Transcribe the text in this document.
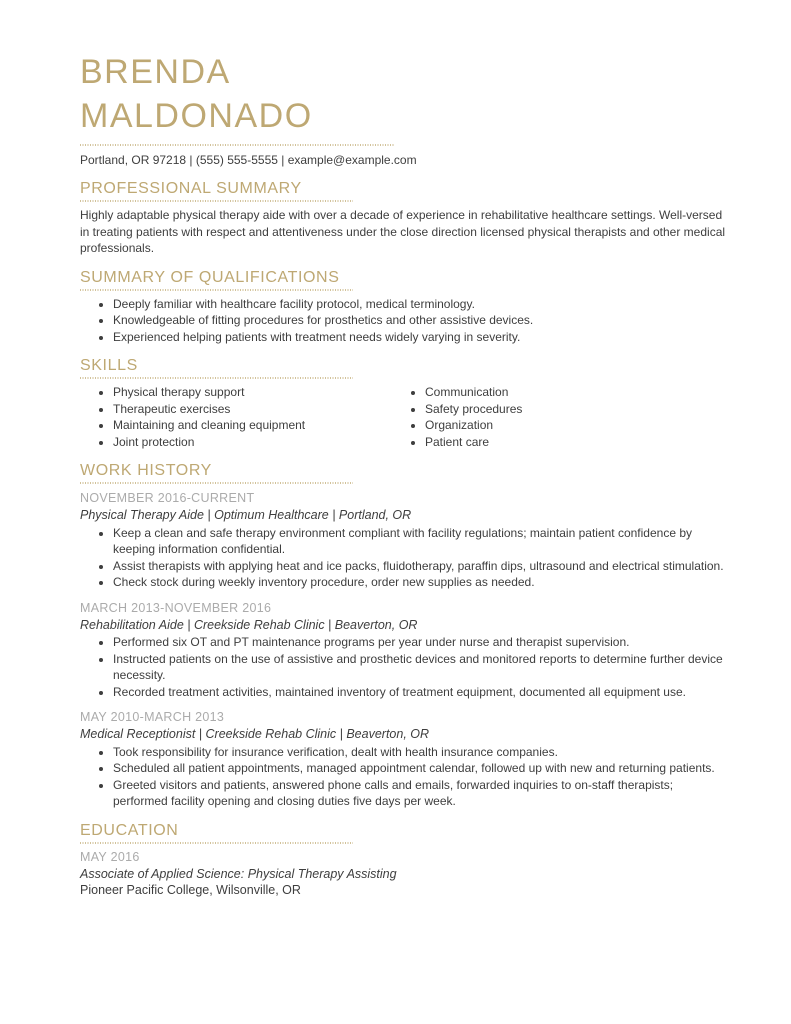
BRENDA
MALDONADO
Portland, OR 97218 | (555) 555-5555 | example@example.com
PROFESSIONAL SUMMARY

Highly adaptable physical therapy aide with over a decade of experience in rehabilitative healthcare settings. Well-versed in treating patients with respect and attentiveness under the close direction licensed physical therapists and other medical professionals.

SUMMARY OF QUALIFICATIONS
• Deeply familiar with healthcare facility protocol, medical terminology.
• Knowledgeable of fitting procedures for prosthetics and other assistive devices.
• Experienced helping patients with treatment needs widely varying in severity.
SKILLS
• Physical therapy support
• Therapeutic exercises
• Maintaining and cleaning equipment
• Joint protection
• Communication
• Safety procedures
• Organization
• Patient care
WORK HISTORY
NOVEMBER 2016-CURRENT
Physical Therapy Aide | Optimum Healthcare | Portland, OR
• Keep a clean and safe therapy environment compliant with facility regulations; maintain patient confidence by keeping information confidential.
• Assist therapists with applying heat and ice packs, fluidotherapy, paraffin dips, ultrasound and electrical stimulation.
• Check stock during weekly inventory procedure, order new supplies as needed.
MARCH 2013-NOVEMBER 2016
Rehabilitation Aide | Creekside Rehab Clinic | Beaverton, OR
• Performed six OT and PT maintenance programs per year under nurse and therapist supervision.
• Instructed patients on the use of assistive and prosthetic devices and monitored reports to determine further device necessity.
• Recorded treatment activities, maintained inventory of treatment equipment, documented all equipment use.
MAY 2010-MARCH 2013
Medical Receptionist | Creekside Rehab Clinic | Beaverton, OR
• Took responsibility for insurance verification, dealt with health insurance companies.
• Scheduled all patient appointments, managed appointment calendar, followed up with new and returning patients.
• Greeted visitors and patients, answered phone calls and emails, forwarded inquiries to on-staff therapists; performed facility opening and closing duties five days per week.
EDUCATION
MAY 2016
Associate of Applied Science: Physical Therapy Assisting
Pioneer Pacific College, Wilsonville, OR
